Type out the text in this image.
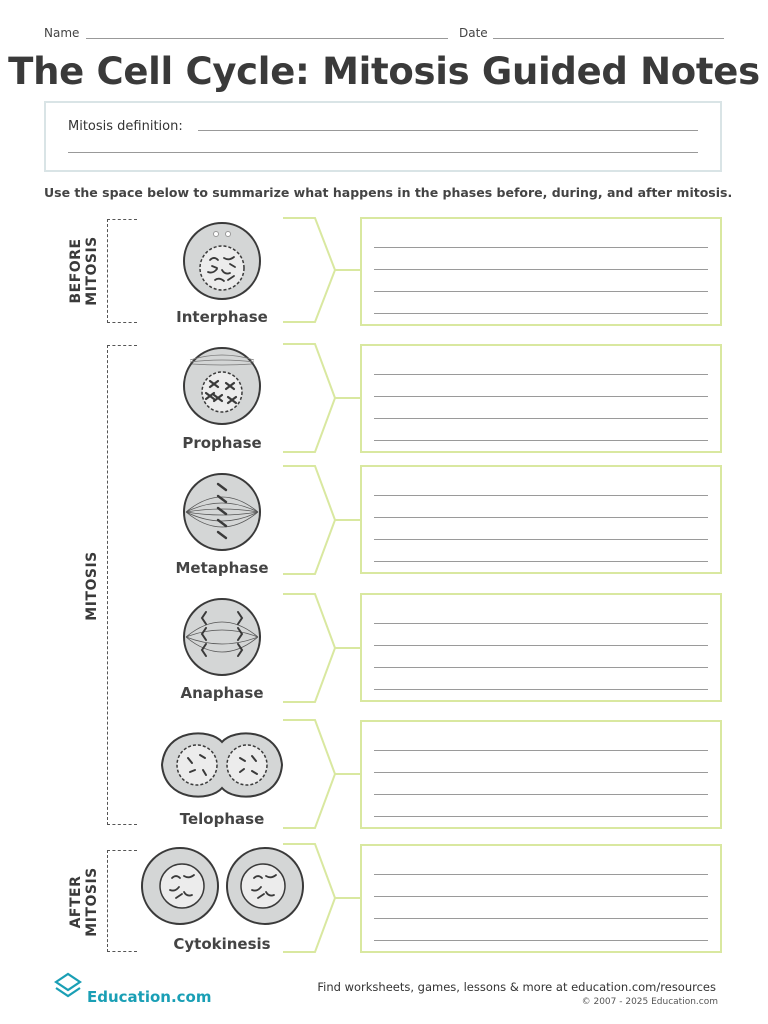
Name	Date
The Cell Cycle: Mitosis Guided Notes
Mitosis definition:
Use the space below to summarize what happens in the phases before, during, and after mitosis.
BEFORE MITOSIS
MITOSIS
AFTER MITOSIS
Interphase
Prophase
Metaphase
Anaphase
Telophase
Cytokinesis
Education.com
Find worksheets, games, lessons & more at education.com/resources
© 2007 - 2025 Education.com
